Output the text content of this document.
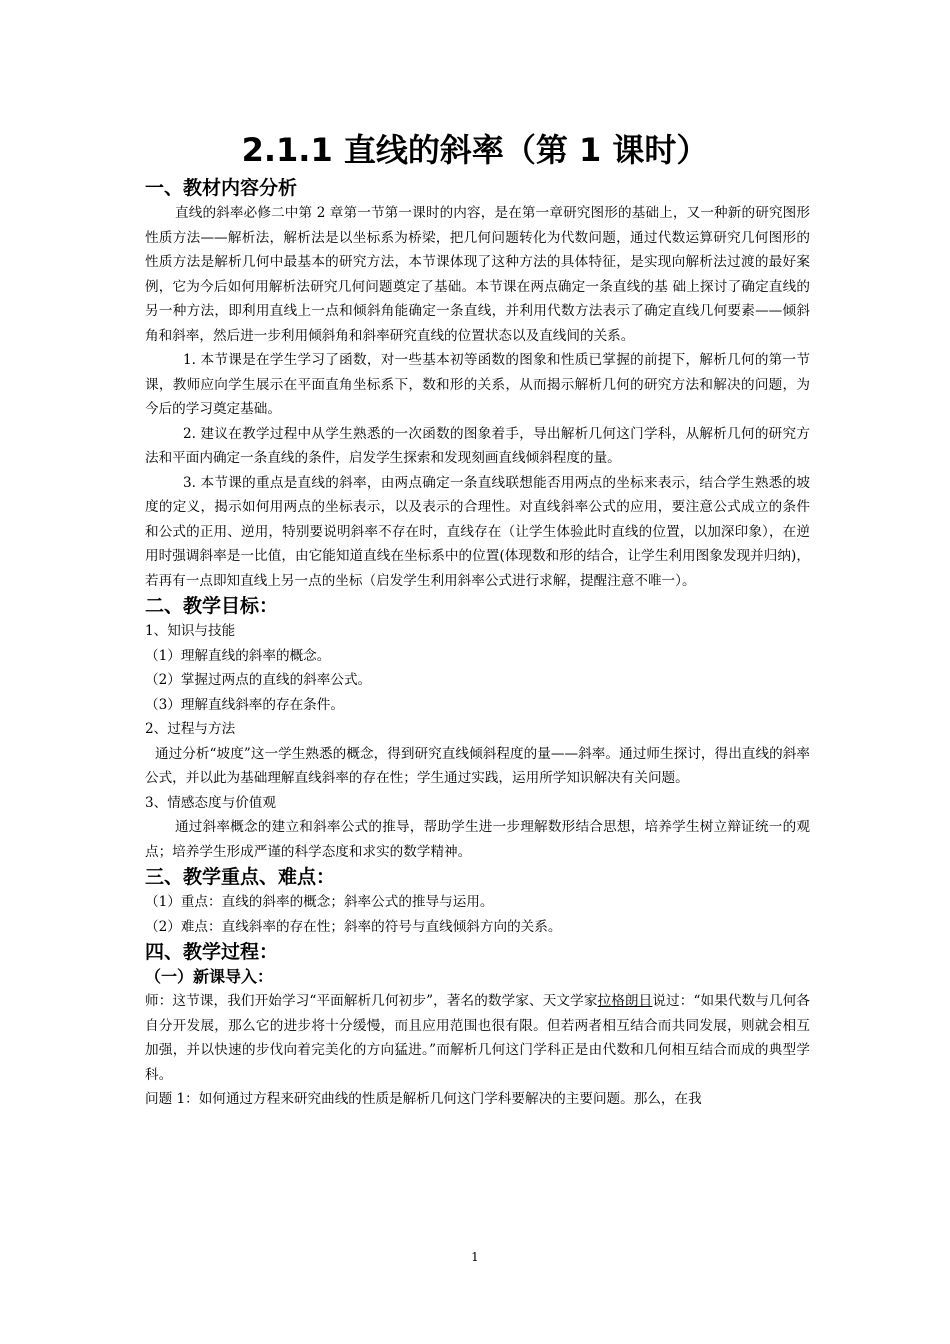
2.1.1 直线的斜率（第 1 课时）
一、教材内容分析

直线的斜率必修二中第 2 章第一节第一课时的内容，是在第一章研究图形的基础上，又一种新的研究图形性质方法——解析法，解析法是以坐标系为桥梁，把几何问题转化为代数问题，通过代数运算研究几何图形的性质方法是解析几何中最基本的研究方法，本节课体现了这种方法的具体特征，是实现向解析法过渡的最好案例，它为今后如何用解析法研究几何问题奠定了基础。本节课在两点确定一条直线的基 础上探讨了确定直线的另一种方法，即利用直线上一点和倾斜角能确定一条直线，并利用代数方法表示了确定直线几何要素——倾斜角和斜率，然后进一步利用倾斜角和斜率研究直线的位置状态以及直线间的关系。

1. 本节课是在学生学习了函数，对一些基本初等函数的图象和性质已掌握的前提下，解析几何的第一节课，教师应向学生展示在平面直角坐标系下，数和形的关系，从而揭示解析几何的研究方法和解决的问题，为今后的学习奠定基础。

2. 建议在教学过程中从学生熟悉的一次函数的图象着手，导出解析几何这门学科，从解析几何的研究方法和平面内确定一条直线的条件，启发学生探索和发现刻画直线倾斜程度的量。

3. 本节课的重点是直线的斜率，由两点确定一条直线联想能否用两点的坐标来表示，结合学生熟悉的坡度的定义，揭示如何用两点的坐标表示，以及表示的合理性。对直线斜率公式的应用，要注意公式成立的条件和公式的正用、逆用，特别要说明斜率不存在时，直线存在（让学生体验此时直线的位置，以加深印象），在逆用时强调斜率是一比值，由它能知道直线在坐标系中的位置(体现数和形的结合，让学生利用图象发现并归纳)，若再有一点即知直线上另一点的坐标（启发学生利用斜率公式进行求解，提醒注意不唯一）。

二、教学目标：

1、知识与技能

（1）理解直线的斜率的概念。

（2）掌握过两点的直线的斜率公式。

（3）理解直线斜率的存在条件。

2、过程与方法

通过分析“坡度”这一学生熟悉的概念，得到研究直线倾斜程度的量——斜率。通过师生探讨，得出直线的斜率公式，并以此为基础理解直线斜率的存在性；学生通过实践，运用所学知识解决有关问题。

3、情感态度与价值观

通过斜率概念的建立和斜率公式的推导，帮助学生进一步理解数形结合思想，培养学生树立辩证统一的观点；培养学生形成严谨的科学态度和求实的数学精神。

三、教学重点、难点：

（1）重点：直线的斜率的概念；斜率公式的推导与运用。

（2）难点：直线斜率的存在性；斜率的符号与直线倾斜方向的关系。

四、教学过程：
（一）新课导入：

师：这节课，我们开始学习“平面解析几何初步”，著名的数学家、天文学家拉格朗日说过：“如果代数与几何各自分开发展，那么它的进步将十分缓慢，而且应用范围也很有限。但若两者相互结合而共同发展，则就会相互加强，并以快速的步伐向着完美化的方向猛进。”而解析几何这门学科正是由代数和几何相互结合而成的典型学科。

问题 1：如何通过方程来研究曲线的性质是解析几何这门学科要解决的主要问题。那么，在我

1
